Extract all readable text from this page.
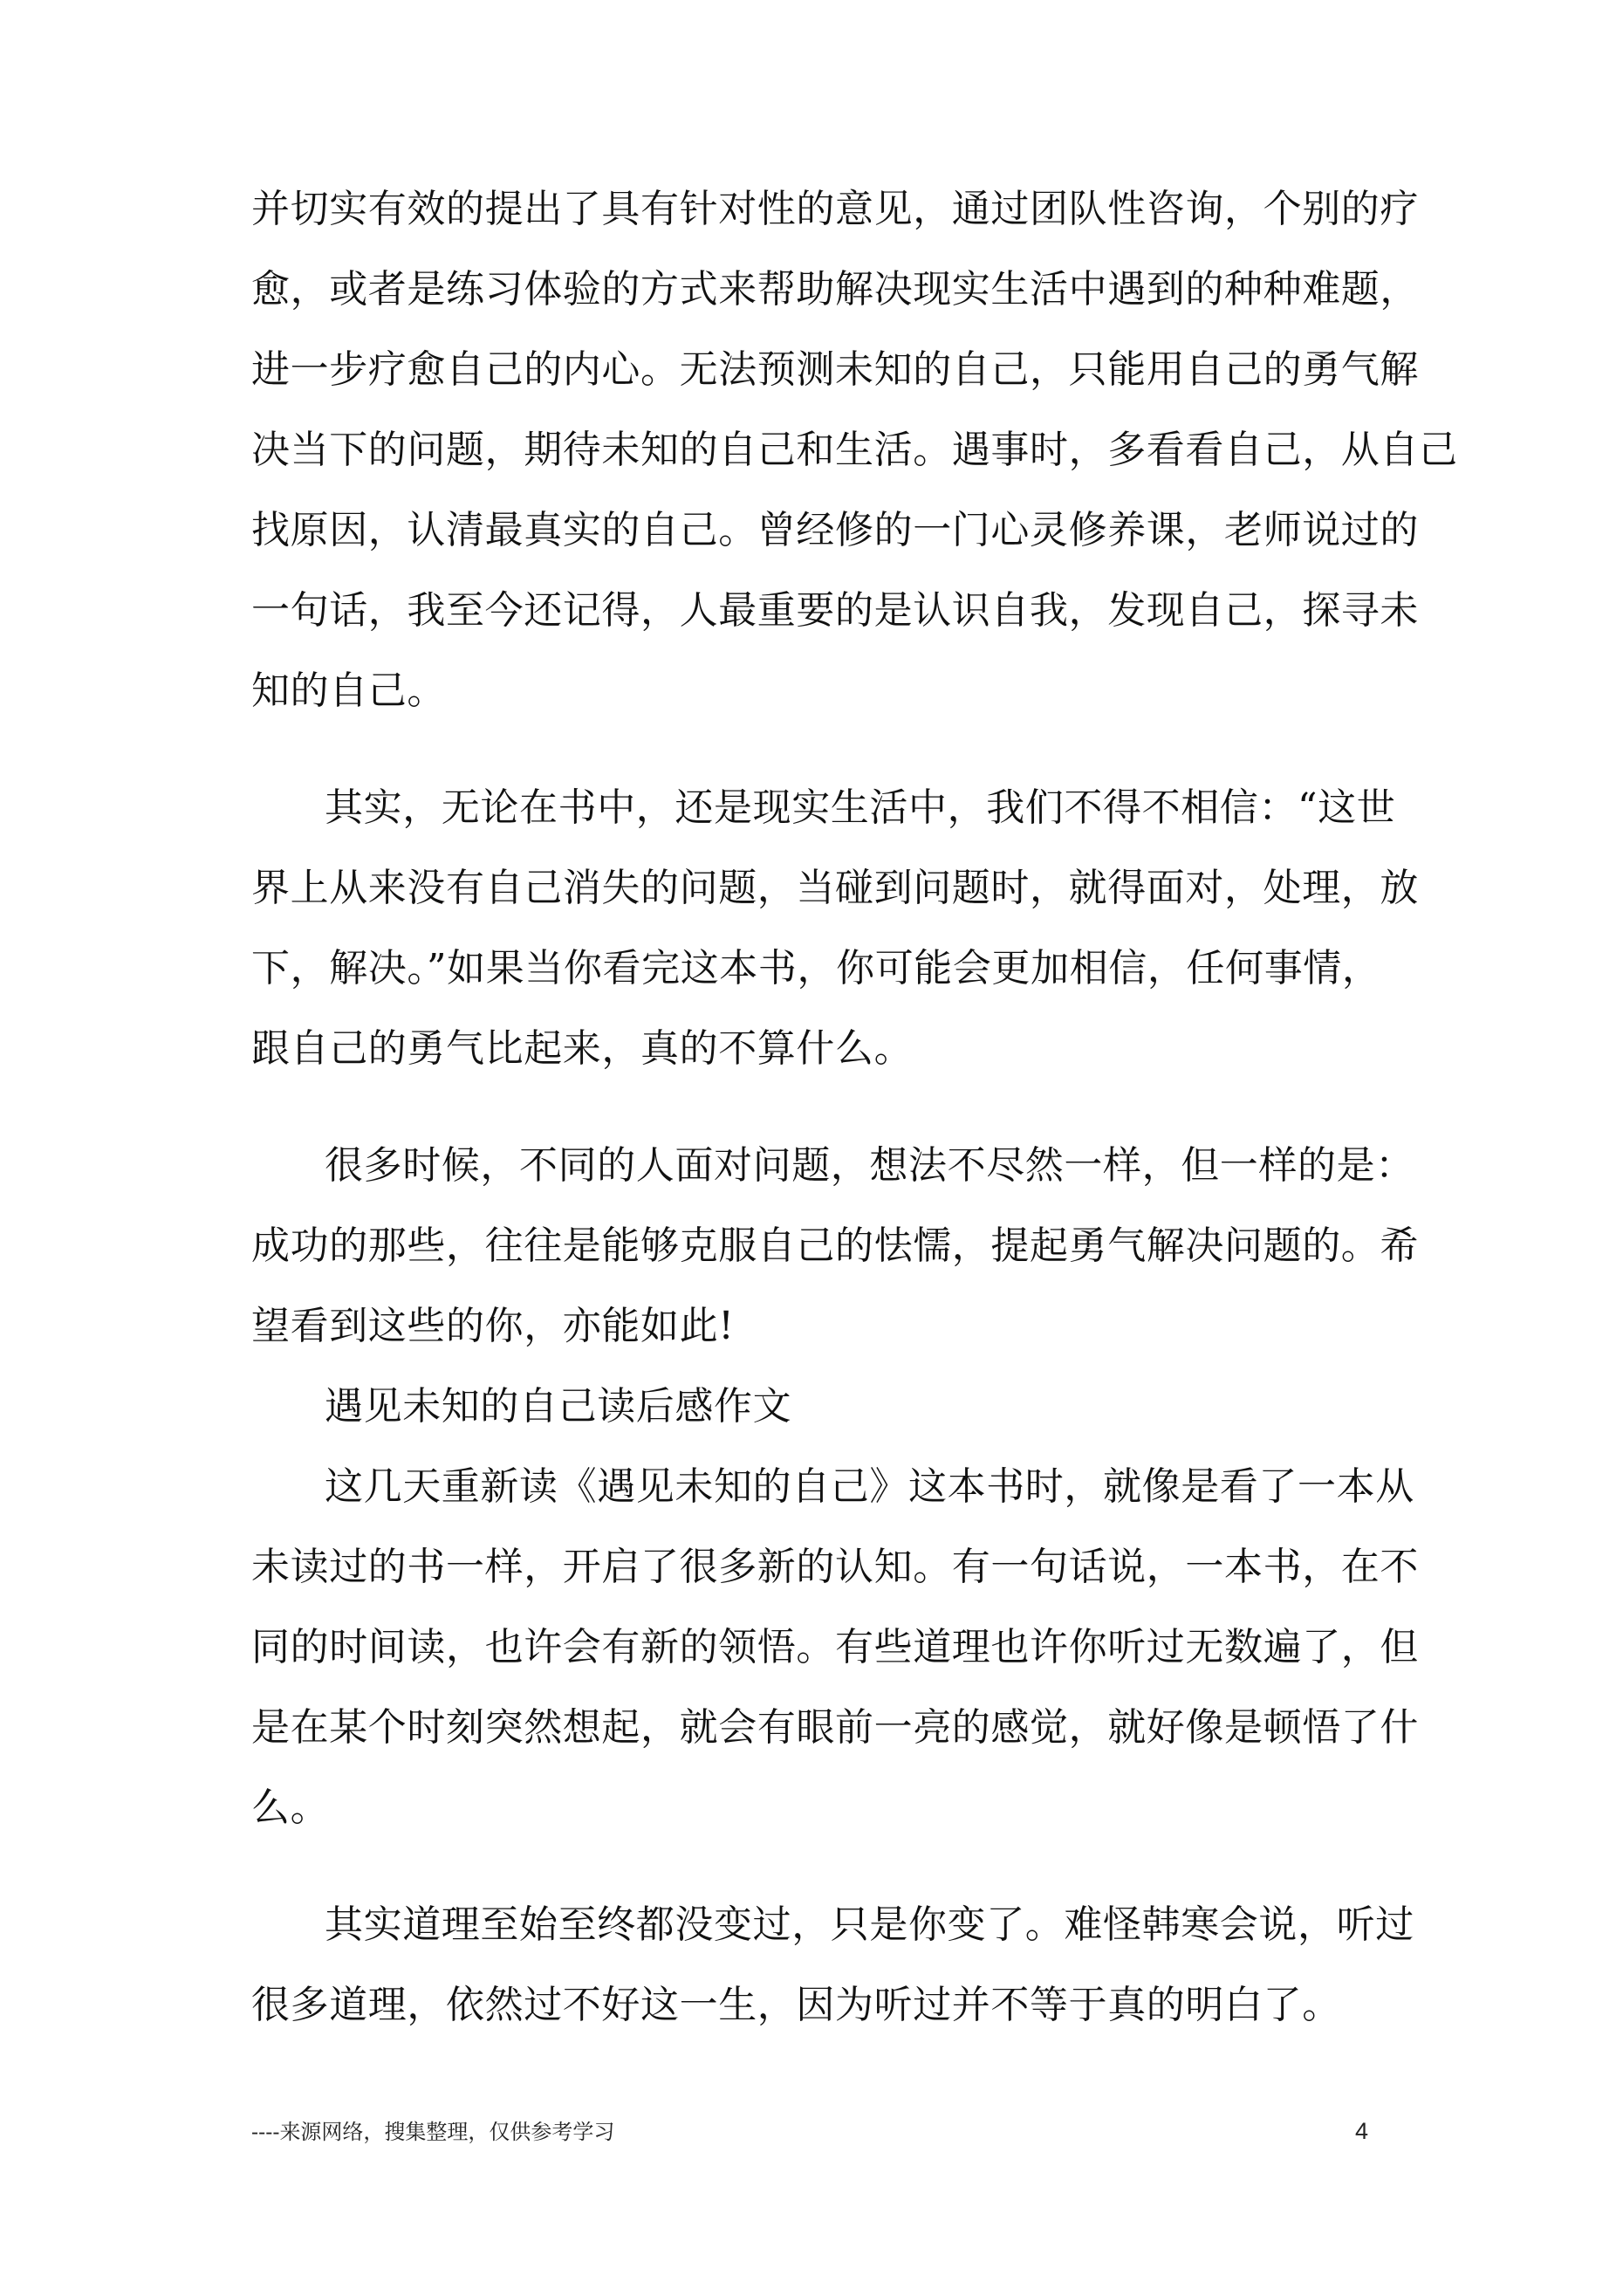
并切实有效的提出了具有针对性的意见，通过团队性咨询，个别的疗
愈，或者是练习体验的方式来帮助解决现实生活中遇到的种种难题，
进一步疗愈自己的内心。无法预测未知的自己，只能用自己的勇气解
决当下的问题，期待未知的自己和生活。遇事时，多看看自己，从自己
找原因，认清最真实的自己。曾经修的一门心灵修养课，老师说过的
一句话，我至今还记得，人最重要的是认识自我，发现自己，探寻未
知的自己。
其实，无论在书中，还是现实生活中，我们不得不相信：“这世
界上从来没有自己消失的问题，当碰到问题时，就得面对，处理，放
下，解决。”如果当你看完这本书，你可能会更加相信，任何事情，
跟自己的勇气比起来，真的不算什么。
很多时候，不同的人面对问题，想法不尽然一样，但一样的是：
成功的那些，往往是能够克服自己的怯懦，提起勇气解决问题的。希
望看到这些的你，亦能如此!
遇见未知的自己读后感作文
这几天重新读《遇见未知的自己》这本书时，就像是看了一本从
未读过的书一样，开启了很多新的认知。有一句话说，一本书，在不
同的时间读，也许会有新的领悟。有些道理也许你听过无数遍了，但
是在某个时刻突然想起，就会有眼前一亮的感觉，就好像是顿悟了什
么。
其实道理至始至终都没变过，只是你变了。难怪韩寒会说，听过
很多道理，依然过不好这一生，因为听过并不等于真的明白了。
----来源网络，搜集整理，仅供参考学习	4
